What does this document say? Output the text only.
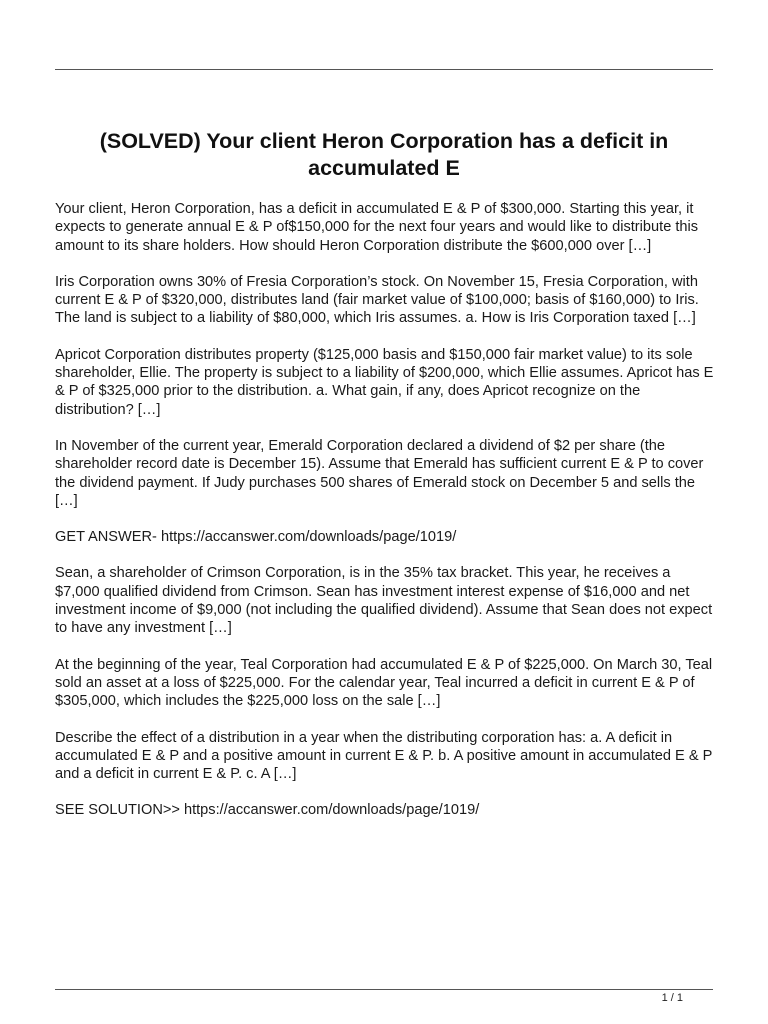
(SOLVED) Your client Heron Corporation has a deficit in accumulated E

Your client, Heron Corporation, has a deficit in accumulated E & P of $300,000. Starting this year, it expects to generate annual E & P of$150,000 for the next four years and would like to distribute this amount to its share holders. How should Heron Corporation distribute the $600,000 over […]

Iris Corporation owns 30% of Fresia Corporation’s stock. On November 15, Fresia Corporation, with current E & P of $320,000, distributes land (fair market value of $100,000; basis of $160,000) to Iris. The land is subject to a liability of $80,000, which Iris assumes. a. How is Iris Corporation taxed […]

Apricot Corporation distributes property ($125,000 basis and $150,000 fair market value) to its sole shareholder, Ellie. The property is subject to a liability of $200,000, which Ellie assumes. Apricot has E & P of $325,000 prior to the distribution. a. What gain, if any, does Apricot recognize on the distribution? […]

In November of the current year, Emerald Corporation declared a dividend of $2 per share (the shareholder record date is December 15). Assume that Emerald has sufficient current E & P to cover the dividend payment. If Judy purchases 500 shares of Emerald stock on December 5 and sells the […]

GET ANSWER- https://accanswer.com/downloads/page/1019/

Sean, a shareholder of Crimson Corporation, is in the 35% tax bracket. This year, he receives a $7,000 qualified dividend from Crimson. Sean has investment interest expense of $16,000 and net investment income of $9,000 (not including the qualified dividend). Assume that Sean does not expect to have any investment […]

At the beginning of the year, Teal Corporation had accumulated E & P of $225,000. On March 30, Teal sold an asset at a loss of $225,000. For the calendar year, Teal incurred a deficit in current E & P of $305,000, which includes the $225,000 loss on the sale […]

Describe the effect of a distribution in a year when the distributing corporation has: a. A deficit in accumulated E & P and a positive amount in current E & P. b. A positive amount in accumulated E & P and a deficit in current E & P. c. A […]

SEE SOLUTION>> https://accanswer.com/downloads/page/1019/

1 / 1
